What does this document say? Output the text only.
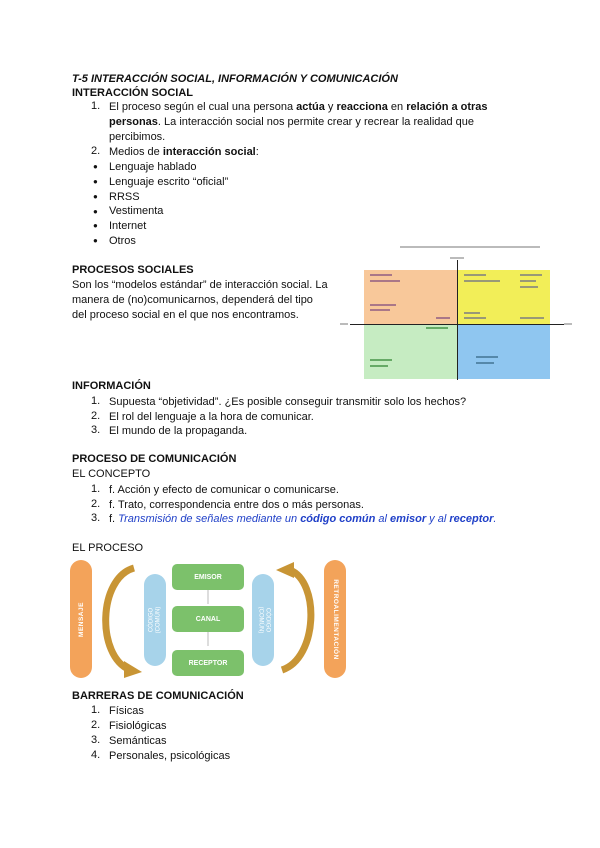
T-5 INTERACCIÓN SOCIAL, INFORMACIÓN Y COMUNICACIÓN
INTERACCIÓN SOCIAL
1. El proceso según el cual una persona actúa y reacciona en relación a otras
personas. La interacción social nos permite crear y recrear la realidad que
percibimos.
2. Medios de interacción social:
● Lenguaje hablado
● Lenguaje escrito “oficial”
● RRSS
● Vestimenta
● Internet
● Otros
PROCESOS SOCIALES
Son los “modelos estándar” de interacción social. La
manera de (no)comunicarnos, dependerá del tipo
del proceso social en el que nos encontramos.
INFORMACIÓN
1. Supuesta “objetividad”. ¿Es posible conseguir transmitir solo los hechos?
2. El rol del lenguaje a la hora de comunicar.
3. El mundo de la propaganda.
PROCESO DE COMUNICACIÓN
EL CONCEPTO
1. f. Acción y efecto de comunicar o comunicarse.
2. f. Trato, correspondencia entre dos o más personas.
3. f. Transmisión de señales mediante un código común al emisor y al receptor.
EL PROCESO
MENSAJE	RETROALIMENTACIÓN
CÓDIGO (COMÚN)	CÓDIGO
(COMÚN)
EMISOR
CANAL
RECEPTOR
BARRERAS DE COMUNICACIÓN
1. Físicas
2. Fisiológicas
3. Semánticas
4. Personales, psicológicas
